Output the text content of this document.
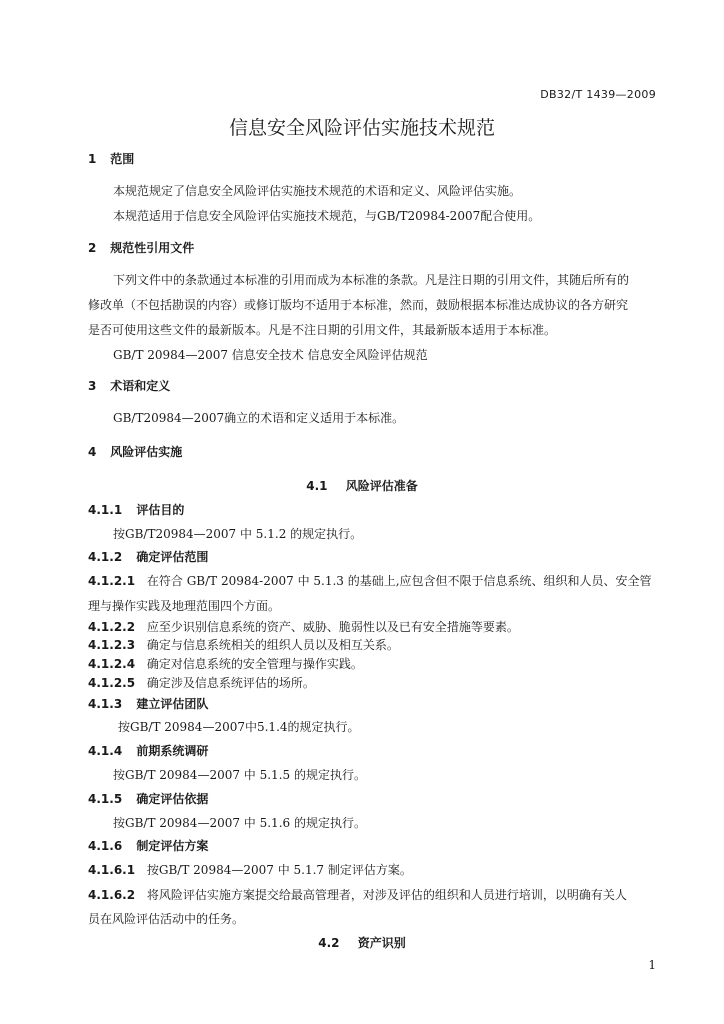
DB32/T 1439—2009
信息安全风险评估实施技术规范
1 范围
本规范规定了信息安全风险评估实施技术规范的术语和定义、风险评估实施。
本规范适用于信息安全风险评估实施技术规范，与GB/T20984-2007配合使用。
2 规范性引用文件
下列文件中的条款通过本标准的引用而成为本标准的条款。凡是注日期的引用文件，其随后所有的
修改单（不包括勘误的内容）或修订版均不适用于本标准，然而，鼓励根据本标准达成协议的各方研究
是否可使用这些文件的最新版本。凡是不注日期的引用文件，其最新版本适用于本标准。
GB/T 20984—2007 信息安全技术 信息安全风险评估规范
3 术语和定义
GB/T20984—2007确立的术语和定义适用于本标准。
4 风险评估实施
4.1 风险评估准备
4.1.1 评估目的
按GB/T20984—2007 中 5.1.2 的规定执行。
4.1.2 确定评估范围
4.1.2.1 在符合 GB/T 20984-2007 中 5.1.3 的基础上,应包含但不限于信息系统、组织和人员、安全管
理与操作实践及地理范围四个方面。
4.1.2.2 应至少识别信息系统的资产、威胁、脆弱性以及已有安全措施等要素。
4.1.2.3 确定与信息系统相关的组织人员以及相互关系。
4.1.2.4 确定对信息系统的安全管理与操作实践。
4.1.2.5 确定涉及信息系统评估的场所。
4.1.3 建立评估团队
按GB/T 20984—2007中5.1.4的规定执行。
4.1.4 前期系统调研
按GB/T 20984—2007 中 5.1.5 的规定执行。
4.1.5 确定评估依据
按GB/T 20984—2007 中 5.1.6 的规定执行。
4.1.6 制定评估方案
4.1.6.1 按GB/T 20984—2007 中 5.1.7 制定评估方案。
4.1.6.2 将风险评估实施方案提交给最高管理者，对涉及评估的组织和人员进行培训，以明确有关人
员在风险评估活动中的任务。
4.2 资产识别
1
